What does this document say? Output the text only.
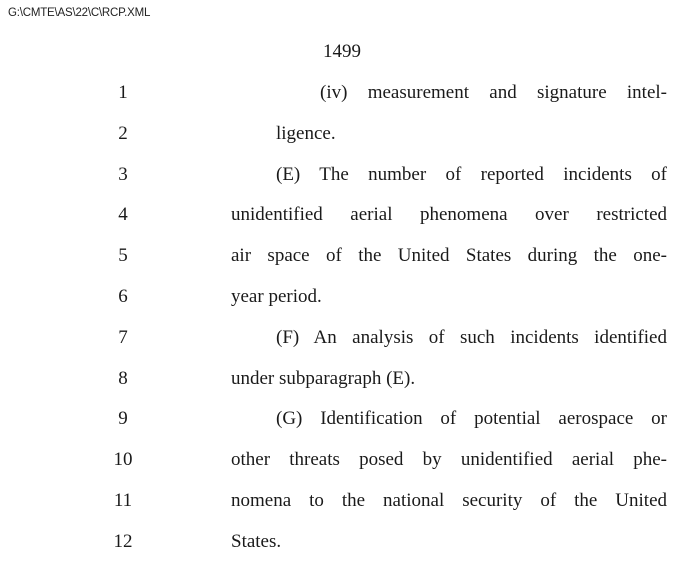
G:\CMTE\AS\22\C\RCP.XML
1499
1	(iv) measurement and signature intel-
2	ligence.
3	(E) The number of reported incidents of
4	unidentified aerial phenomena over restricted
5	air space of the United States during the one-
6	year period.
7	(F) An analysis of such incidents identified
8	under subparagraph (E).
9	(G) Identification of potential aerospace or
10	other threats posed by unidentified aerial phe-
11	nomena to the national security of the United
12	States.
